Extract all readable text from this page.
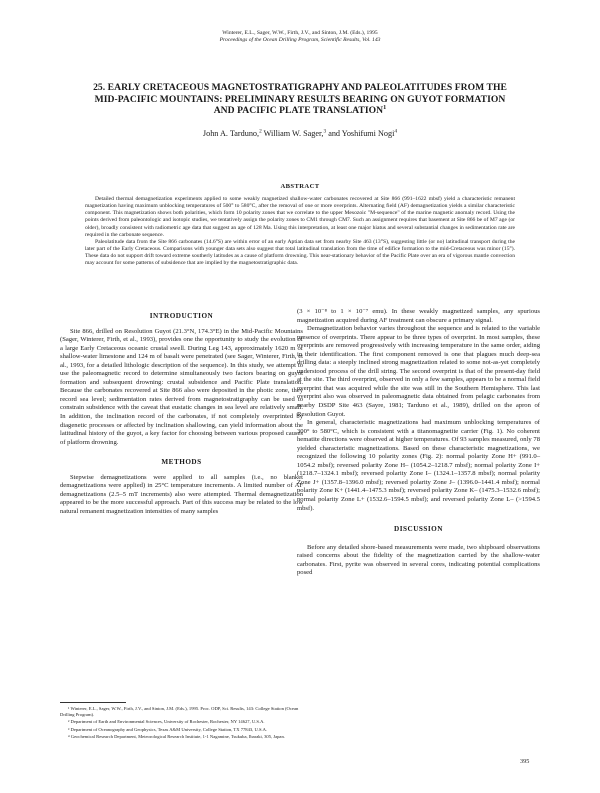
Winterer, E.L., Sager, W.W., Firth, J.V., and Sinton, J.M. (Eds.), 1995
Proceedings of the Ocean Drilling Program, Scientific Results, Vol. 143
25. EARLY CRETACEOUS MAGNETOSTRATIGRAPHY AND PALEOLATITUDES FROM THE
MID-PACIFIC MOUNTAINS: PRELIMINARY RESULTS BEARING ON GUYOT FORMATION
AND PACIFIC PLATE TRANSLATION$^1$
John A. Tarduno,$^2$ William W. Sager,$^3$ and Yoshifumi Nogi$^4$
ABSTRACT

Detailed thermal demagnetization experiments applied to some weakly magnetized shallow-water carbonates recovered at Site 866 (991–1622 mbsf) yield a characteristic remanent magnetization having maximum unblocking temperatures of 500° to 580°C, after the removal of one or more overprints. Alternating field (AF) demagnetization yields a similar characteristic component. This magnetization shows both polarities, which form 10 polarity zones that we correlate to the upper Mesozoic "M-sequence" of the marine magnetic anomaly record. Using the points derived from paleontologic and isotopic studies, we tentatively assign the polarity zones to CM1 through CM7. Such an assignment requires that basement at Site 866 be of M7 age (or older), broadly consistent with radiometric age data that suggest an age of 128 Ma. Using this interpretation, at least one major hiatus and several substantial changes in sedimentation rate are required in the carbonate sequence.

Paleolatitude data from the Site 866 carbonates (14.6°S) are within error of an early Aptian data set from nearby Site 463 (13°S), suggesting little (or no) latitudinal transport during the later part of the Early Cretaceous. Comparisons with younger data sets also suggest that total latitudinal translation from the time of edifice formation to the mid-Cretaceous was minor (15°). These data do not support drift toward extreme southerly latitudes as a cause of platform drowning. This near-stationary behavior of the Pacific Plate over an era of vigorous mantle convection may account for some patterns of subsidence that are implied by the magnetostratigraphic data.

INTRODUCTION

Site 866, drilled on Resolution Guyot (21.3°N, 174.3°E) in the Mid-Pacific Mountains (Sager, Winterer, Firth, et al., 1993), provides one the opportunity to study the evolution of a large Early Cretaceous oceanic crustal swell. During Leg 143, approximately 1620 m of shallow-water limestone and 124 m of basalt were penetrated (see Sager, Winterer, Firth, et al., 1993, for a detailed lithologic description of the sequence). In this study, we attempt to use the paleomagnetic record to determine simultaneously two factors bearing on guyot formation and subsequent drowning: crustal subsidence and Pacific Plate translation. Because the carbonates recovered at Site 866 also were deposited in the photic zone, they record sea level; sedimentation rates derived from magnetostratigraphy can be used to constrain subsidence with the caveat that eustatic changes in sea level are relatively small. In addition, the inclination record of the carbonates, if not completely overprinted by diagenetic processes or affected by inclination shallowing, can yield information about the latitudinal history of the guyot, a key factor for choosing between various proposed causes of platform drowning.

METHODS

Stepwise demagnetizations were applied to all samples (i.e., no blanket demagnetizations were applied) in 25°C temperature increments. A limited number of AF demagnetizations (2.5–5 mT increments) also were attempted. Thermal demagnetization appeared to be the more successful approach. Part of this success may be related to the low natural remanent magnetization intensities of many samples

(3 × 10⁻⁸ to 1 × 10⁻⁷ emu). In these weakly magnetized samples, any spurious magnetization acquired during AF treatment can obscure a primary signal.

Demagnetization behavior varies throughout the sequence and is related to the variable presence of overprints. There appear to be three types of overprint. In most samples, these overprints are removed progressively with increasing temperature in the same order, aiding in their identification. The first component removed is one that plagues much deep-sea drilling data: a steeply inclined strong magnetization related to some not-as-yet completely understood process of the drill string. The second overprint is that of the present-day field at the site. The third overprint, observed in only a few samples, appears to be a normal field overprint that was acquired while the site was still in the Southern Hemisphere. This last overprint also was observed in paleomagnetic data obtained from pelagic carbonates from nearby DSDP Site 463 (Sayre, 1981; Tarduno et al., 1989), drilled on the apron of Resolution Guyot.

In general, characteristic magnetizations had maximum unblocking temperatures of 300° to 580°C, which is consistent with a titanomagnetite carrier (Fig. 1). No coherent hematite directions were observed at higher temperatures. Of 93 samples measured, only 78 yielded characteristic magnetizations. Based on these characteristic magnetizations, we recognized the following 10 polarity zones (Fig. 2): normal polarity Zone H+ (991.0–1054.2 mbsf); reversed polarity Zone H– (1054.2–1218.7 mbsf); normal polarity Zone I+ (1218.7–1324.1 mbsf); reversed polarity Zone I– (1324.1–1357.8 mbsf); normal polarity Zone J+ (1357.8–1396.0 mbsf); reversed polarity Zone J– (1396.0–1441.4 mbsf); normal polarity Zone K+ (1441.4–1475.3 mbsf); reversed polarity Zone K– (1475.3–1532.6 mbsf); normal polarity Zone L+ (1532.6–1594.5 mbsf); and reversed polarity Zone L– (>1594.5 mbsf).

DISCUSSION

Before any detailed shore-based measurements were made, two shipboard observations raised concerns about the fidelity of the magnetization carried by the shallow-water carbonates. First, pyrite was observed in several cores, indicating potential complications posed

¹ Winterer, E.L., Sager, W.W., Firth, J.V., and Sinton, J.M. (Eds.), 1995. Proc. ODP, Sci. Results, 143: College Station (Ocean Drilling Program).

² Department of Earth and Environmental Sciences, University of Rochester, Rochester, NY 14627, U.S.A.

³ Department of Oceanography and Geophysics, Texas A&M University, College Station, TX 77843, U.S.A.

⁴ Geochemical Research Department, Meteorological Research Institute, 1-1 Nagamine, Tsukuba, Ibaraki, 305, Japan.

395
